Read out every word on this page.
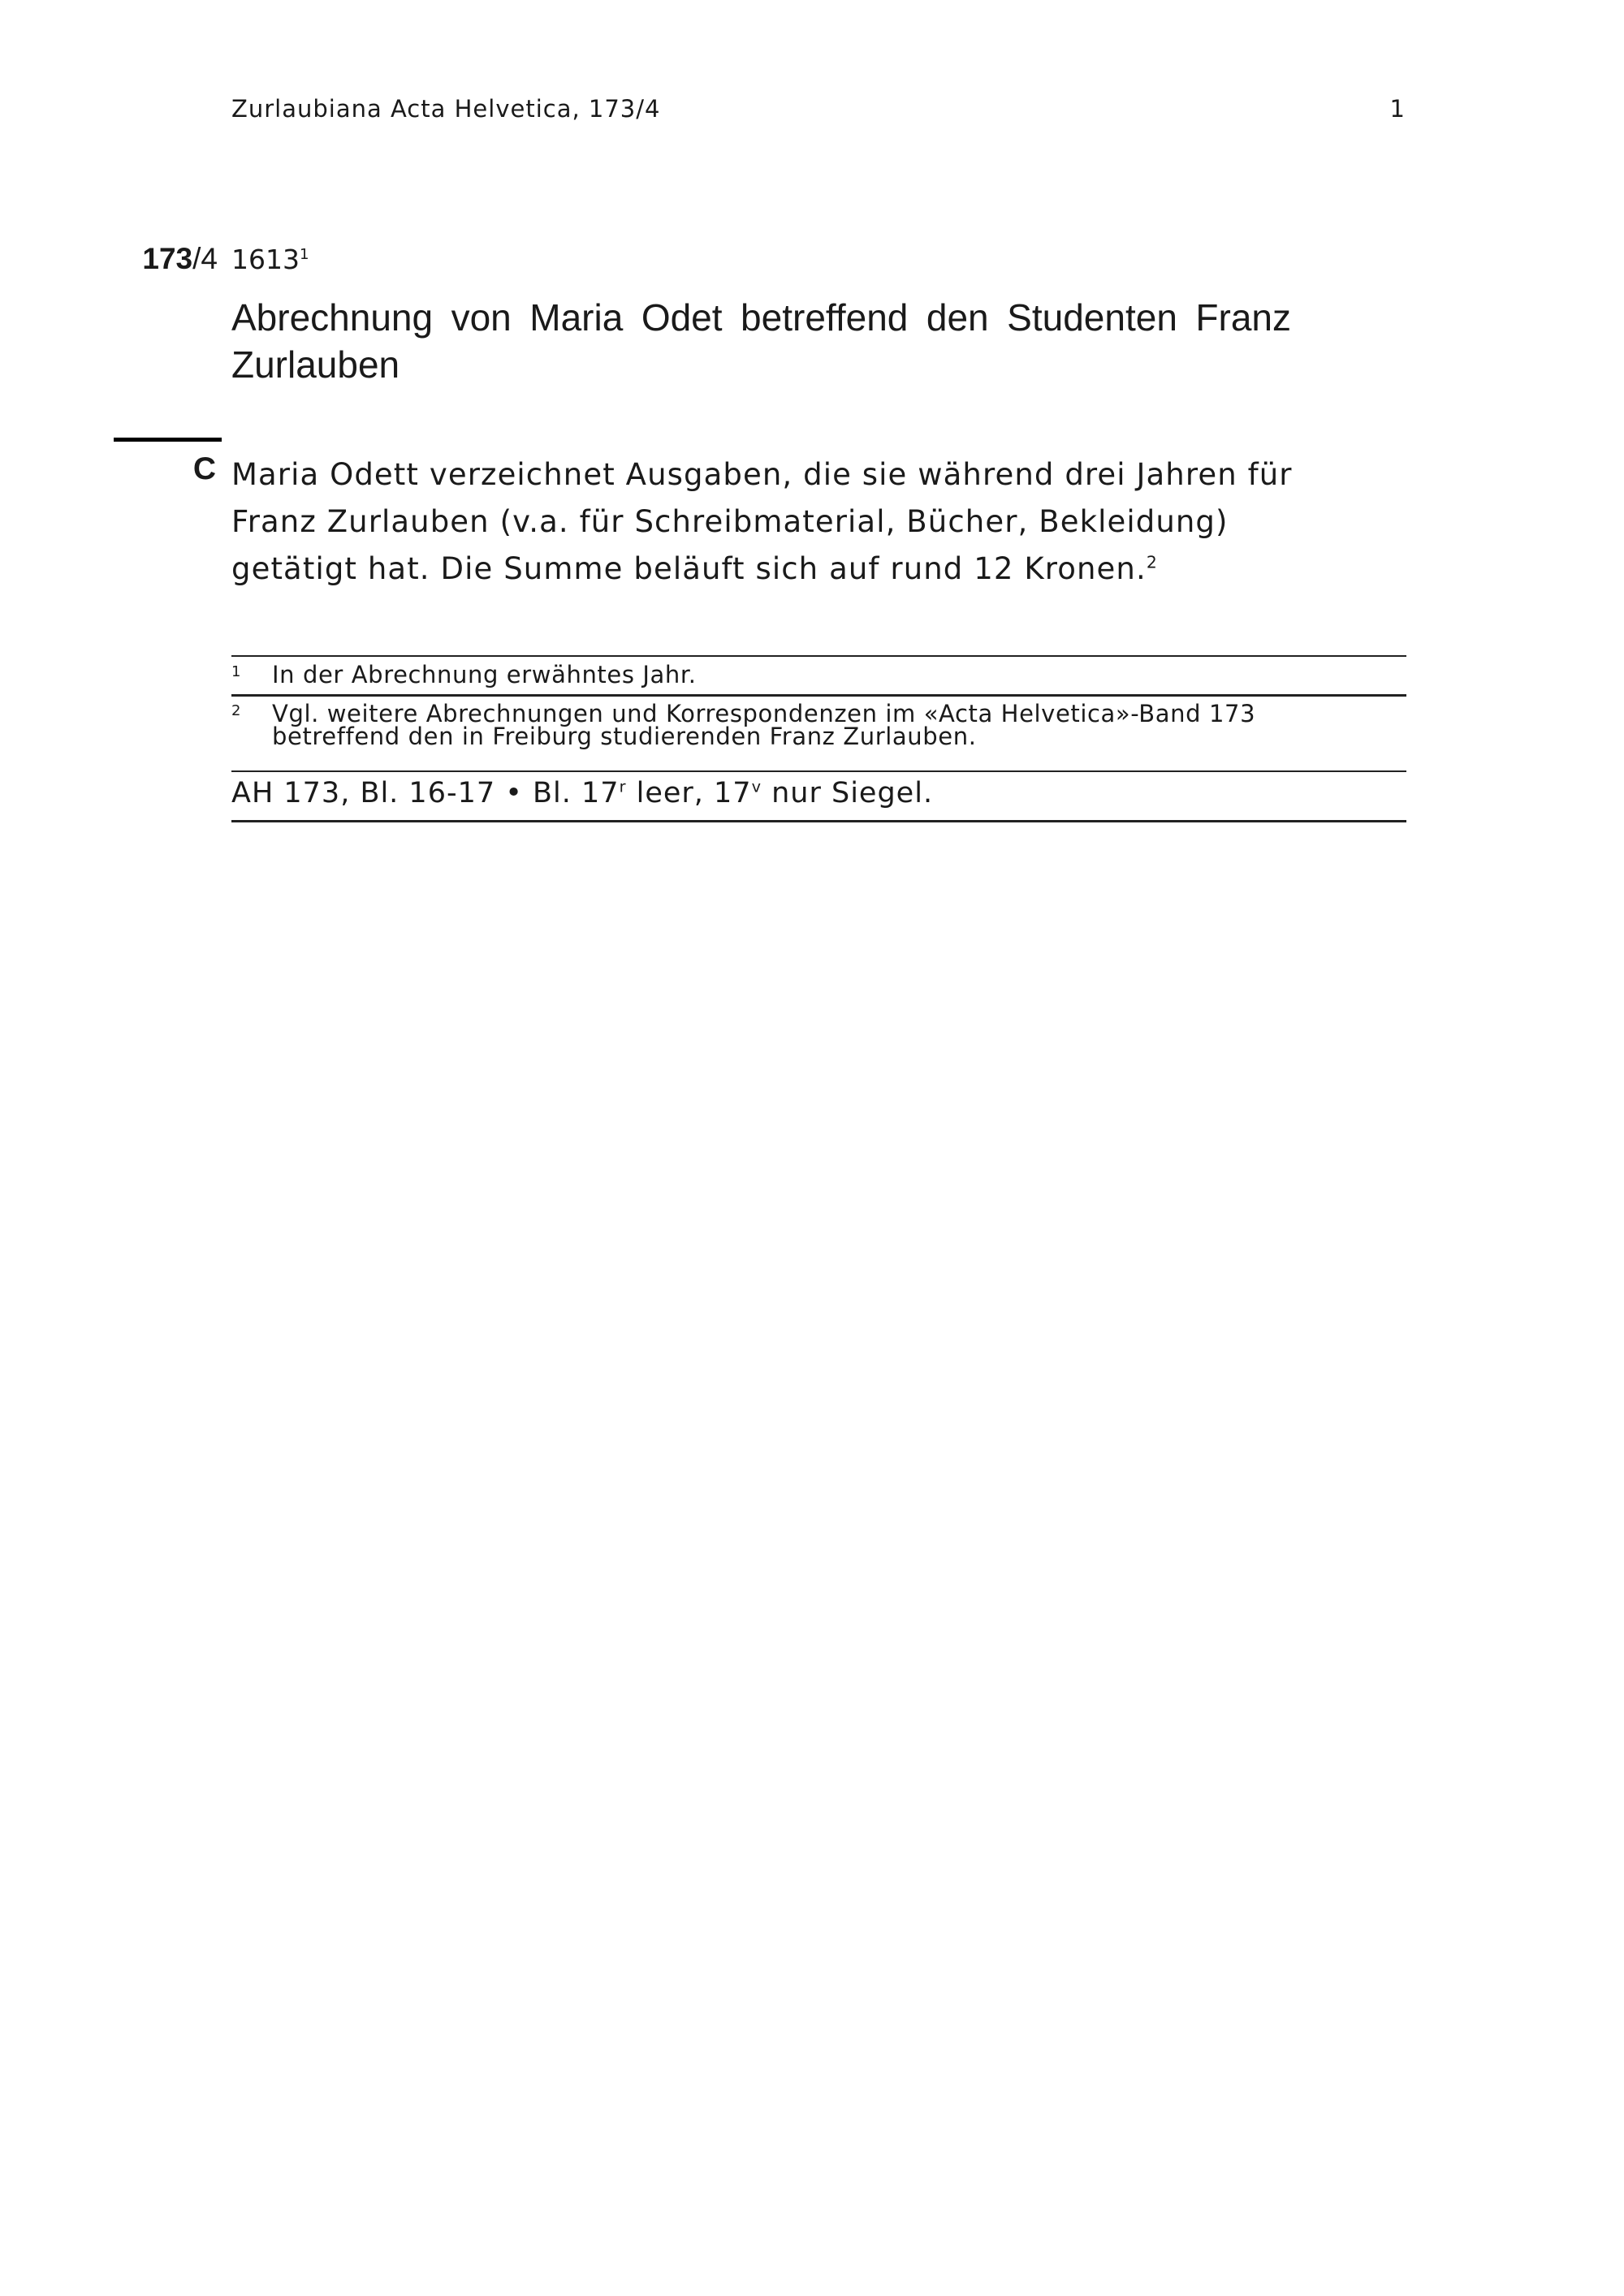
Zurlaubiana Acta Helvetica, 173/4	1
173/4 1613$^1$
Abrechnung von Maria Odet betreffend den Studenten Franz Zurlauben
C Maria Odett verzeichnet Ausgaben, die sie während drei Jahren für Franz Zurlauben (v.a. für Schreibmaterial, Bücher, Bekleidung) getätigt hat. Die Summe beläuft sich auf rund 12 Kronen.$^2$
1 In der Abrechnung erwähntes Jahr.
2 Vgl. weitere Abrechnungen und Korrespondenzen im «Acta Helvetica»-Band 173 betreffend den in Freiburg studierenden Franz Zurlauben.
AH 173, Bl. 16-17 • Bl. 17$^r$ leer, 17$^v$ nur Siegel.
